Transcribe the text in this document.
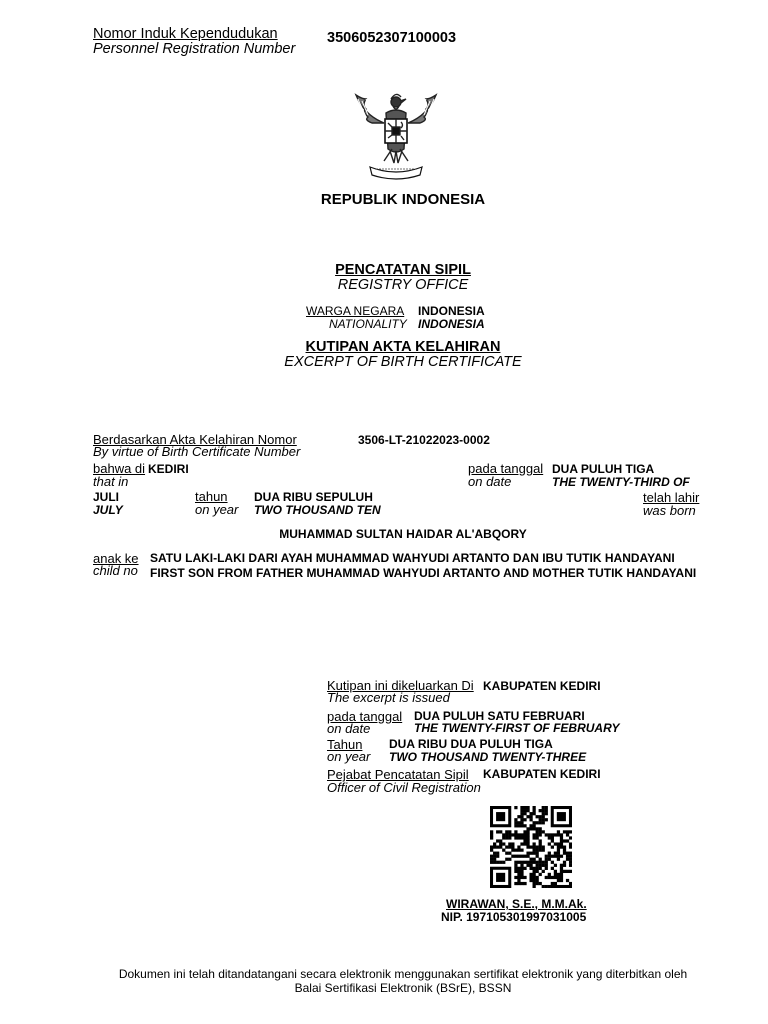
Nomor Induk Kependudukan
Personnel Registration Number
3506052307100003
REPUBLIK INDONESIA
PENCATATAN SIPIL
REGISTRY OFFICE
WARGA NEGARA INDONESIA
NATIONALITY INDONESIA
KUTIPAN AKTA KELAHIRAN
EXCERPT OF BIRTH CERTIFICATE
Berdasarkan Akta Kelahiran Nomor
By virtue of Birth Certificate Number
3506-LT-21022023-0002
bahwa di KEDIRI
that in
pada tanggal
on date
DUA PULUH TIGA
THE TWENTY-THIRD OF
JULI
JULY
tahun
on year
DUA RIBU SEPULUH
TWO THOUSAND TEN
telah lahir
was born
MUHAMMAD SULTAN HAIDAR AL'ABQORY
anak ke
child no
SATU LAKI-LAKI DARI AYAH MUHAMMAD WAHYUDI ARTANTO DAN IBU TUTIK HANDAYANI
FIRST SON FROM FATHER MUHAMMAD WAHYUDI ARTANTO AND MOTHER TUTIK HANDAYANI
Kutipan ini dikeluarkan Di
The excerpt is issued
KABUPATEN KEDIRI
pada tanggal
on date
DUA PULUH SATU FEBRUARI
THE TWENTY-FIRST OF FEBRUARY
Tahun
on year
DUA RIBU DUA PULUH TIGA
TWO THOUSAND TWENTY-THREE
Pejabat Pencatatan Sipil
Officer of Civil Registration
KABUPATEN KEDIRI
WIRAWAN, S.E., M.M.Ak.
NIP. 197105301997031005
Dokumen ini telah ditandatangani secara elektronik menggunakan sertifikat elektronik yang diterbitkan oleh
Balai Sertifikasi Elektronik (BSrE), BSSN
